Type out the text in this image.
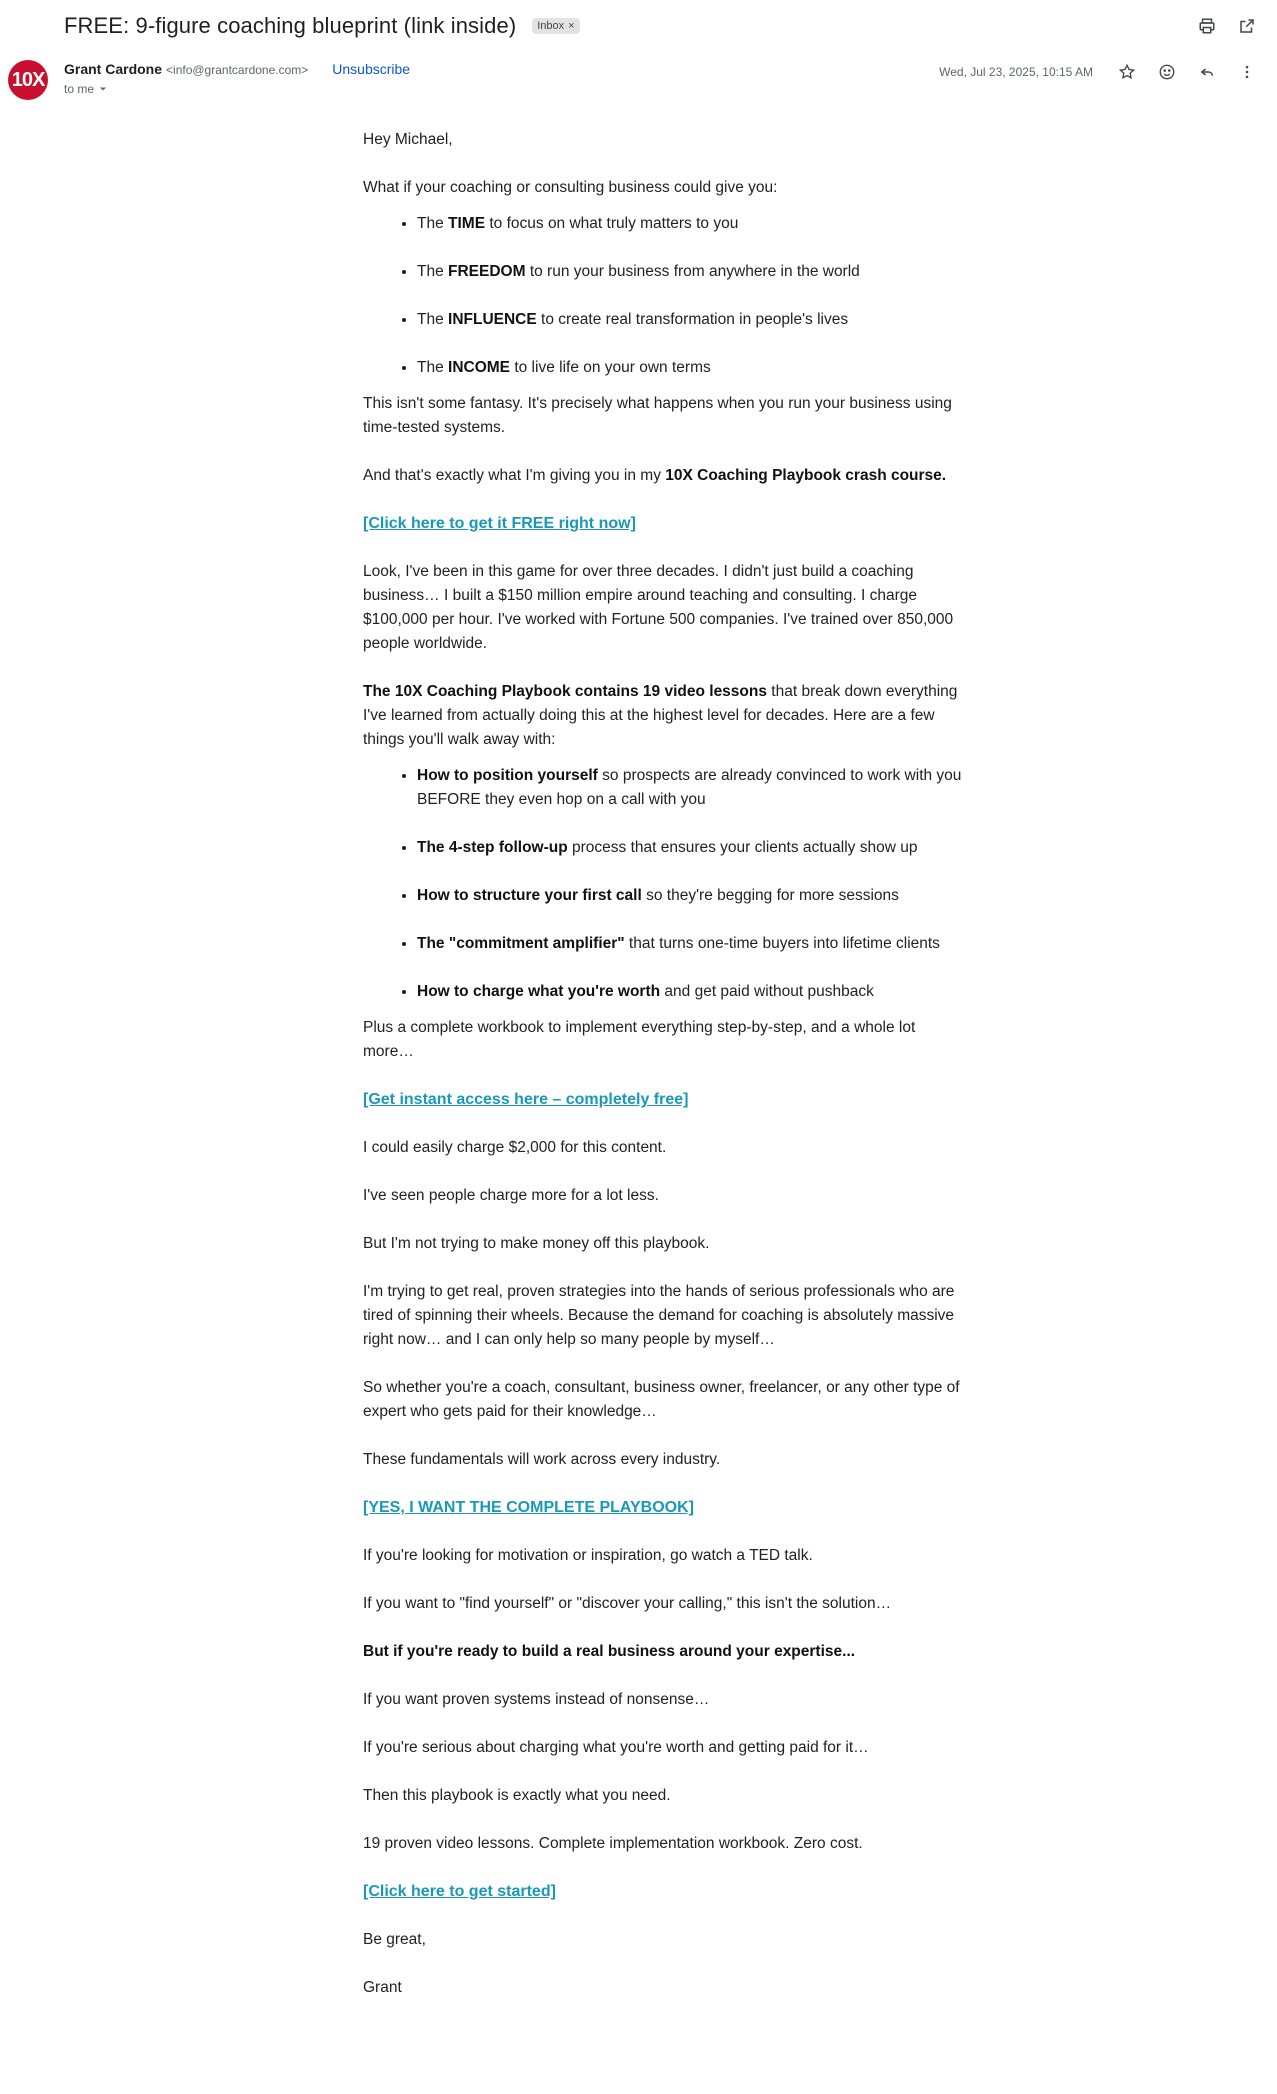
FREE: 9-figure coaching blueprint (link inside) Inbox ×
10X Grant Cardone <info@grantcardone.com> Unsubscribe
to me
Wed, Jul 23, 2025, 10:15 AM

Hey Michael,

What if your coaching or consulting business could give you:

• The TIME to focus on what truly matters to you
• The FREEDOM to run your business from anywhere in the world
• The INFLUENCE to create real transformation in people's lives
• The INCOME to live life on your own terms

This isn't some fantasy. It's precisely what happens when you run your business using time-tested systems.

And that's exactly what I'm giving you in my 10X Coaching Playbook crash course.

[Click here to get it FREE right now]

Look, I've been in this game for over three decades. I didn't just build a coaching business… I built a $150 million empire around teaching and consulting. I charge $100,000 per hour. I've worked with Fortune 500 companies. I've trained over 850,000 people worldwide.

The 10X Coaching Playbook contains 19 video lessons that break down everything I've learned from actually doing this at the highest level for decades. Here are a few things you'll walk away with:

• How to position yourself so prospects are already convinced to work with you BEFORE they even hop on a call with you
• The 4-step follow-up process that ensures your clients actually show up
• How to structure your first call so they're begging for more sessions
• The "commitment amplifier" that turns one-time buyers into lifetime clients
• How to charge what you're worth and get paid without pushback

Plus a complete workbook to implement everything step-by-step, and a whole lot more…

[Get instant access here – completely free]

I could easily charge $2,000 for this content.

I've seen people charge more for a lot less.

But I'm not trying to make money off this playbook.

I'm trying to get real, proven strategies into the hands of serious professionals who are tired of spinning their wheels. Because the demand for coaching is absolutely massive right now… and I can only help so many people by myself…

So whether you're a coach, consultant, business owner, freelancer, or any other type of expert who gets paid for their knowledge…

These fundamentals will work across every industry.

[YES, I WANT THE COMPLETE PLAYBOOK]

If you're looking for motivation or inspiration, go watch a TED talk.

If you want to "find yourself" or "discover your calling," this isn't the solution…

But if you're ready to build a real business around your expertise...

If you want proven systems instead of nonsense…

If you're serious about charging what you're worth and getting paid for it…

Then this playbook is exactly what you need.

19 proven video lessons. Complete implementation workbook. Zero cost.

[Click here to get started]

Be great,

Grant
